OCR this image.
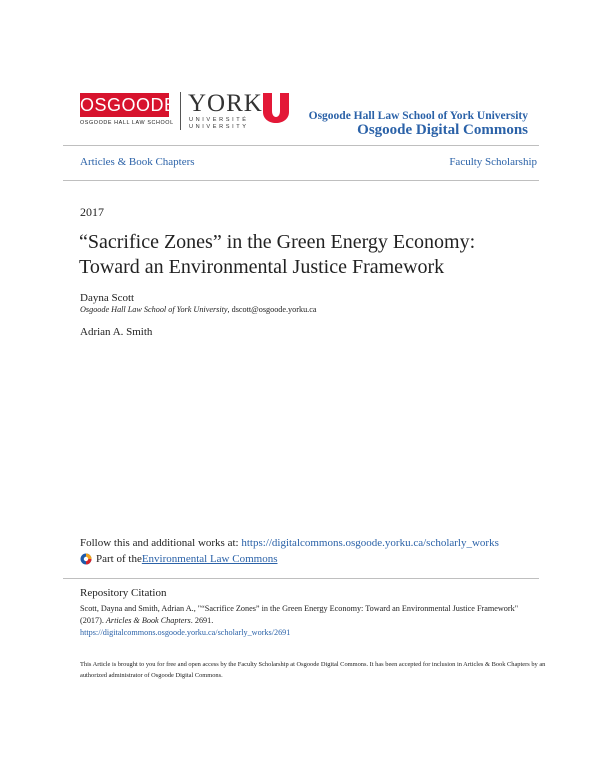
OSGOODE
OSGOODE HALL LAW SCHOOL
YORK
UNIVERSITÉ
UNIVERSITY
Osgoode Hall Law School of York University
Osgoode Digital Commons
Articles & Book Chapters	Faculty Scholarship
2017
“Sacrifice Zones” in the Green Energy Economy:
Toward an Environmental Justice Framework
Dayna Scott
Osgoode Hall Law School of York University, dscott@osgoode.yorku.ca
Adrian A. Smith
Follow this and additional works at: https://digitalcommons.osgoode.yorku.ca/scholarly_works
Part of the Environmental Law Commons
Repository Citation
Scott, Dayna and Smith, Adrian A., "“Sacrifice Zones” in the Green Energy Economy: Toward an Environmental Justice Framework" (2017). Articles & Book Chapters. 2691.
https://digitalcommons.osgoode.yorku.ca/scholarly_works/2691
This Article is brought to you for free and open access by the Faculty Scholarship at Osgoode Digital Commons. It has been accepted for inclusion in Articles & Book Chapters by an authorized administrator of Osgoode Digital Commons.
